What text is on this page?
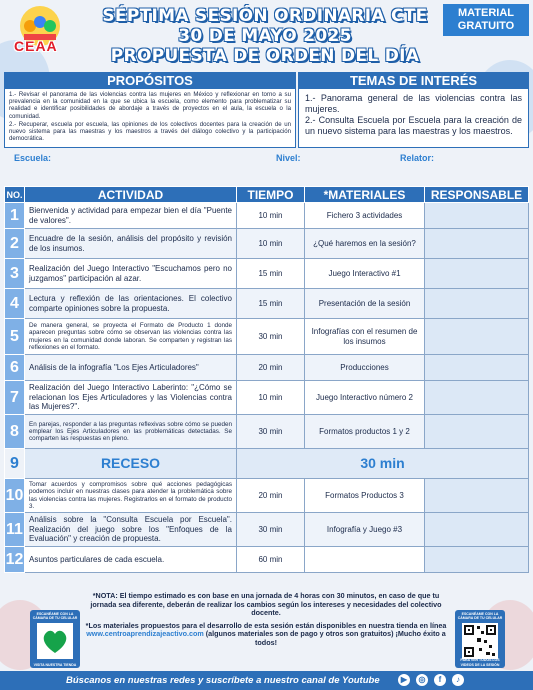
CEAA
SÉPTIMA SESIÓN ORDINARIA CTE
30 DE MAYO 2025
PROPUESTA DE ORDEN DEL DÍA
MATERIAL
GRATUITO
PROPÓSITOS

1.- Revisar el panorama de las violencias contra las mujeres en México y reflexionar en torno a su prevalencia en la comunidad en la que se ubica la escuela, como elemento para problematizar su realidad e identificar posibilidades de abordaje a través de proyectos en el aula, la escuela o la comunidad.

2.- Recuperar, escuela por escuela, las opiniones de los colectivos docentes para la creación de un nuevo sistema para las maestras y los maestros a través del diálogo colectivo y la participación democrática.

TEMAS DE INTERÉS

1.- Panorama general de las violencias contra las mujeres.

2.- Consulta Escuela por Escuela para la creación de un nuevo sistema para las maestras y los maestros.

Escuela:	Nivel:	Relator:
NO.	ACTIVIDAD	TIEMPO	*MATERIALES	RESPONSABLE
1	Bienvenida y actividad para empezar bien el día "Puente de valores".	10 min	Fichero 3 actividades	
2	Encuadre de la sesión, análisis del propósito y revisión de los insumos.	10 min	¿Qué haremos en la sesión?	
3	Realización del Juego Interactivo "Escuchamos pero no juzgamos" participación al azar.	15 min	Juego Interactivo #1	
4	Lectura y reflexión de las orientaciones. El colectivo comparte opiniones sobre la propuesta.	15 min	Presentación de la sesión	
5	De manera general, se proyecta el Formato de Producto 1 donde aparecen preguntas sobre cómo se observan las violencias contra las mujeres en la comunidad donde laboran. Se comparten y registran las reflexiones en el formato.	30 min	Infografías con el resumen de los insumos	
6	Análisis de la infografía "Los Ejes Articuladores"	20 min	Producciones	
7	Realización del Juego Interactivo Laberinto: "¿Cómo se relacionan los Ejes Articuladores y las Violencias contra las Mujeres?".	10 min	Juego Interactivo número 2	
8	En parejas, responder a las preguntas reflexivas sobre cómo se pueden emplear los Ejes Articuladores en las problemáticas detectadas. Se comparten las respuestas en pleno.	30 min	Formatos productos 1 y 2	
9	RECESO	30 min		
10	Tomar acuerdos y compromisos sobre qué acciones pedagógicas podemos incluir en nuestras clases para atender la problemática sobre las violencias contra las mujeres. Registrarlos en el formato de producto 3.	20 min	Formatos Productos 3	
11	Análisis sobre la "Consulta Escuela por Escuela". Realización del juego sobre los "Enfoques de la Evaluación" y creación de propuesta.	30 min	Infografía y Juego #3	
12	Asuntos particulares de cada escuela.	60 min		
ESCANÉAME CON LA CÁMARA DE TU CELULAR
VISITA NUESTRA TIENDA
ESCANÉAME CON LA CÁMARA DE TU CELULAR
PARA VER TODOS LOS VIDEOS DE LA SESIÓN

*NOTA: El tiempo estimado es con base en una jornada de 4 horas con 30 minutos, en caso de que tu jornada sea diferente, deberán de realizar los cambios según los intereses y necesidades del colectivo docente.

*Los materiales propuestos para el desarrollo de esta sesión están disponibles en nuestra tienda en línea www.centroaprendizajeactivo.com (algunos materiales son de pago y otros son gratuitos) ¡Mucho éxito a todos!

Búscanos en nuestras redes y suscríbete a nuestro canal de Youtube	▶	◎	f	♪
